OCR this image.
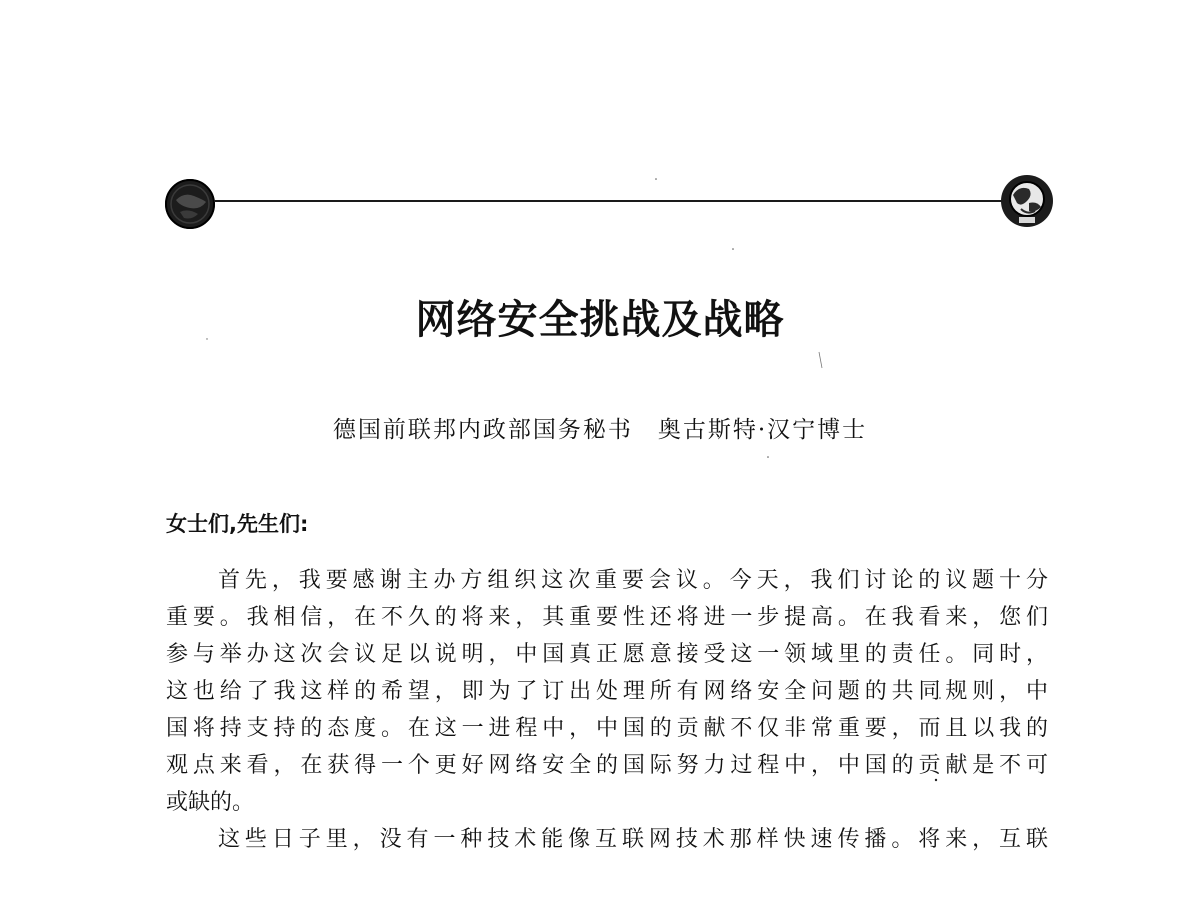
网络安全挑战及战略
德国前联邦内政部国务秘书　奥古斯特·汉宁博士
女士们,先生们:
首先，我要感谢主办方组织这次重要会议。今天，我们讨论的议题十分
重要。我相信，在不久的将来，其重要性还将进一步提高。在我看来，您们
参与举办这次会议足以说明，中国真正愿意接受这一领域里的责任。同时，
这也给了我这样的希望，即为了订出处理所有网络安全问题的共同规则，中
国将持支持的态度。在这一进程中，中国的贡献不仅非常重要，而且以我的
观点来看，在获得一个更好网络安全的国际努力过程中，中国的贡献是不可
或缺的。
这些日子里，没有一种技术能像互联网技术那样快速传播。将来，互联
